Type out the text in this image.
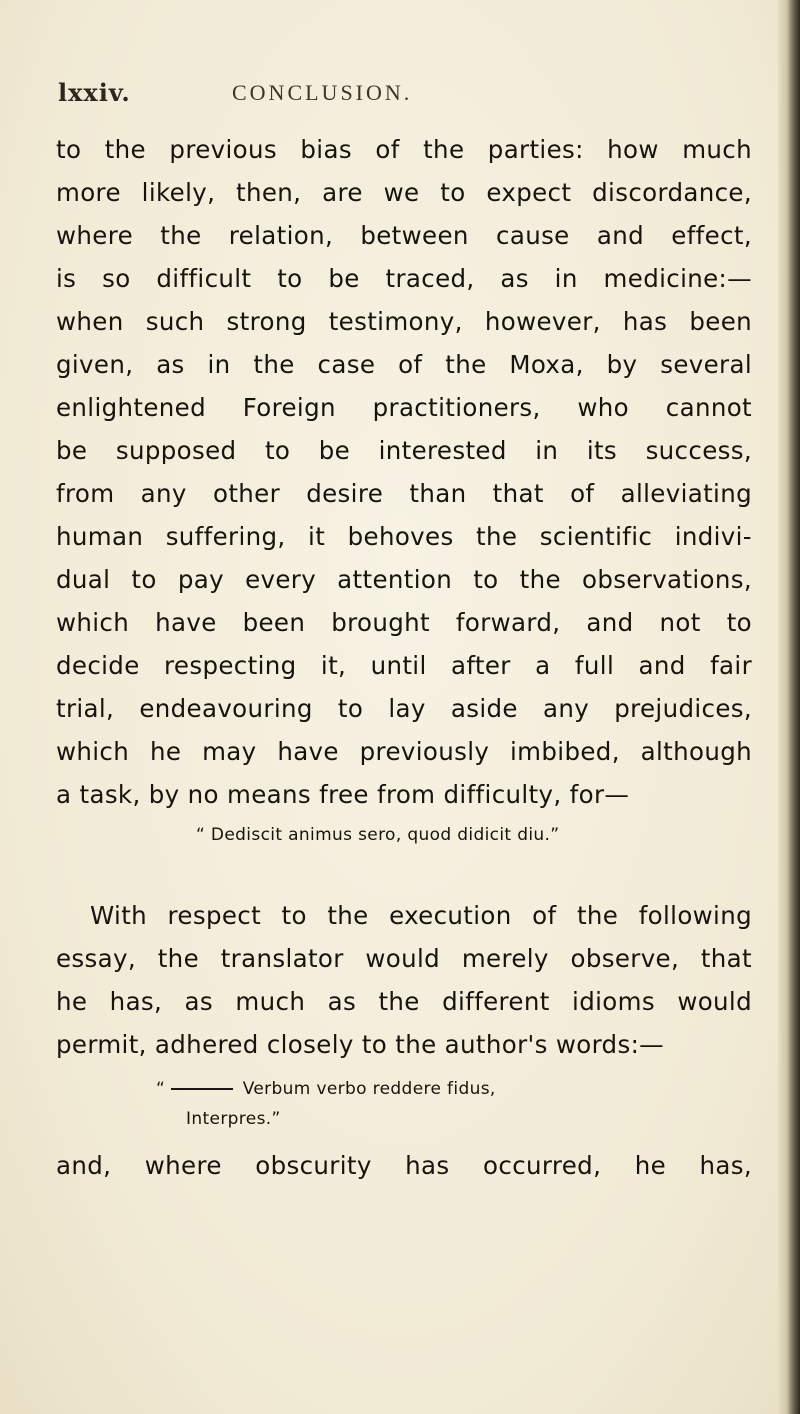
lxxiv.	CONCLUSION.
to the previous bias of the parties: how much
more likely, then, are we to expect discordance,
where the relation, between cause and effect,
is so difficult to be traced, as in medicine:—
when such strong testimony, however, has been
given, as in the case of the Moxa, by several
enlightened Foreign practitioners, who cannot
be supposed to be interested in its success,
from any other desire than that of alleviating
human suffering, it behoves the scientific indivi-
dual to pay every attention to the observations,
which have been brought forward, and not to
decide respecting it, until after a full and fair
trial, endeavouring to lay aside any prejudices,
which he may have previously imbibed, although
a task, by no means free from difficulty, for—
“ Dediscit animus sero, quod didicit diu.”
With respect to the execution of the following
essay, the translator would merely observe, that
he has, as much as the different idioms would
permit, adhered closely to the author's words:—
“	Verbum verbo reddere fidus,
Interpres.”
and, where obscurity has occurred, he has,
